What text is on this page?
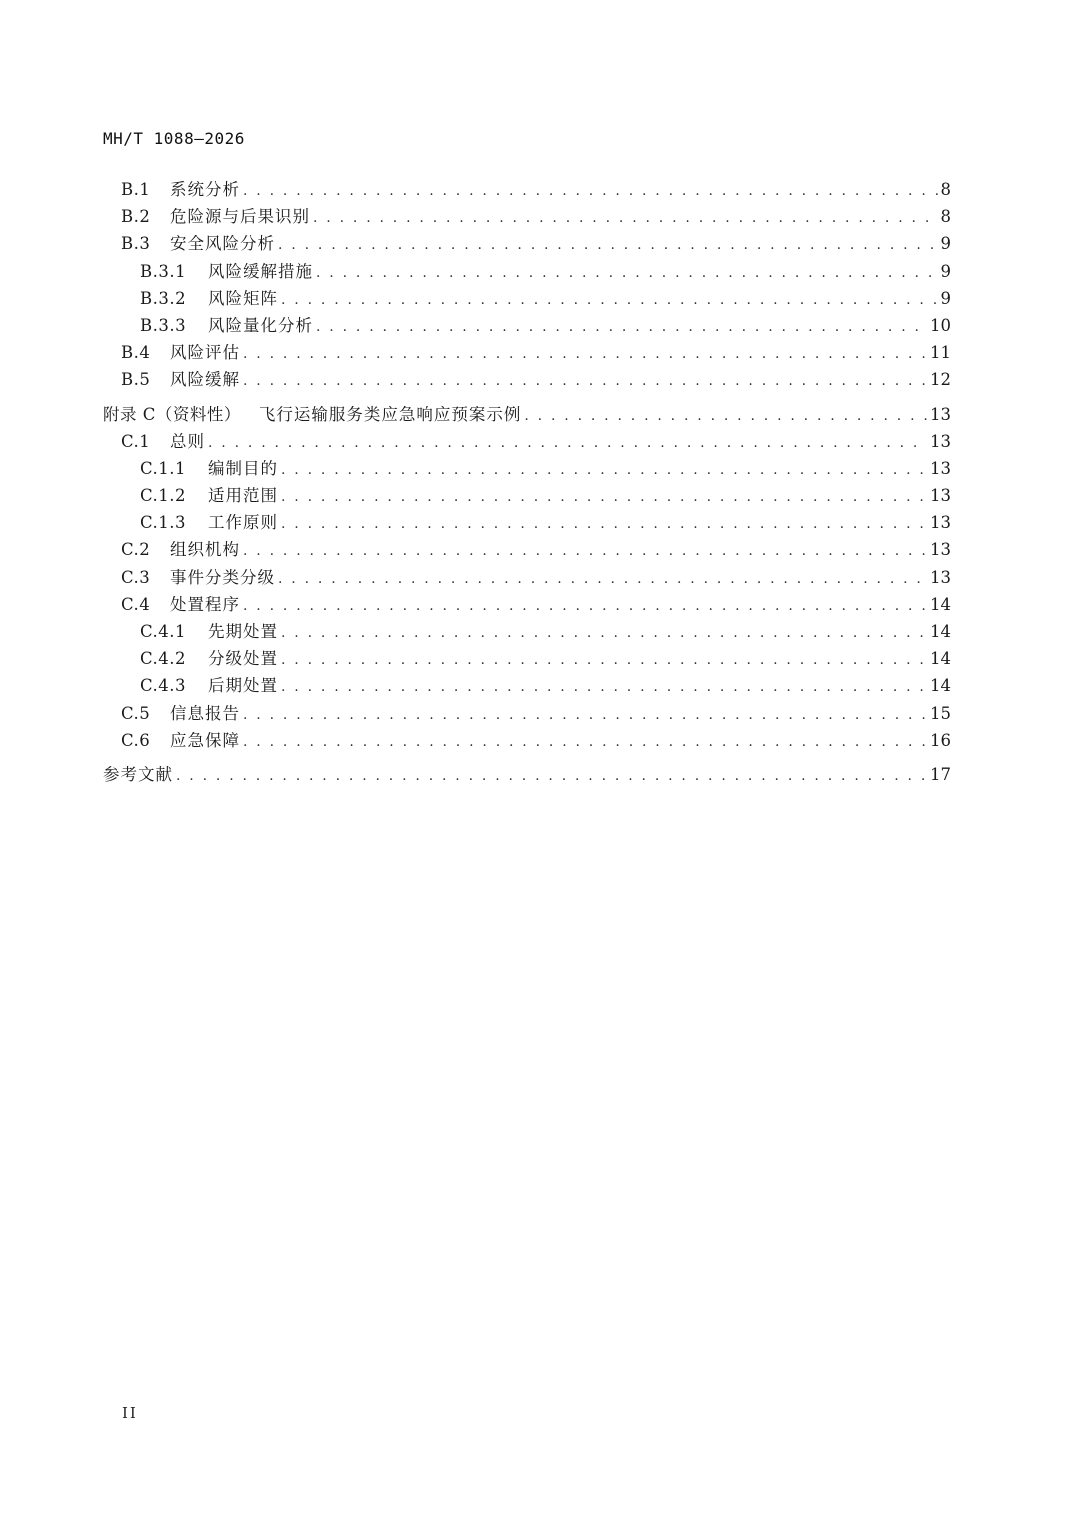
MH/T 1088—2026
B.1	系统分析 . . .	8
B.2	危险源与后果识别 . . .	8
B.3	安全风险分析 . . .	9
B.3.1	风险缓解措施 . . .	9
B.3.2	风险矩阵 . . .	9
B.3.3	风险量化分析 . . .	10
B.4	风险评估 . . .	11
B.5	风险缓解 . . .	12
附录 C（资料性） 飞行运输服务类应急响应预案示例 . . .	13
C.1	总则 . . .	13
C.1.1	编制目的 . . .	13
C.1.2	适用范围 . . .	13
C.1.3	工作原则 . . .	13
C.2	组织机构 . . .	13
C.3	事件分类分级 . . .	13
C.4	处置程序 . . .	14
C.4.1	先期处置 . . .	14
C.4.2	分级处置 . . .	14
C.4.3	后期处置 . . .	14
C.5	信息报告 . . .	15
C.6	应急保障 . . .	16
参考文献 . . .	17
II
